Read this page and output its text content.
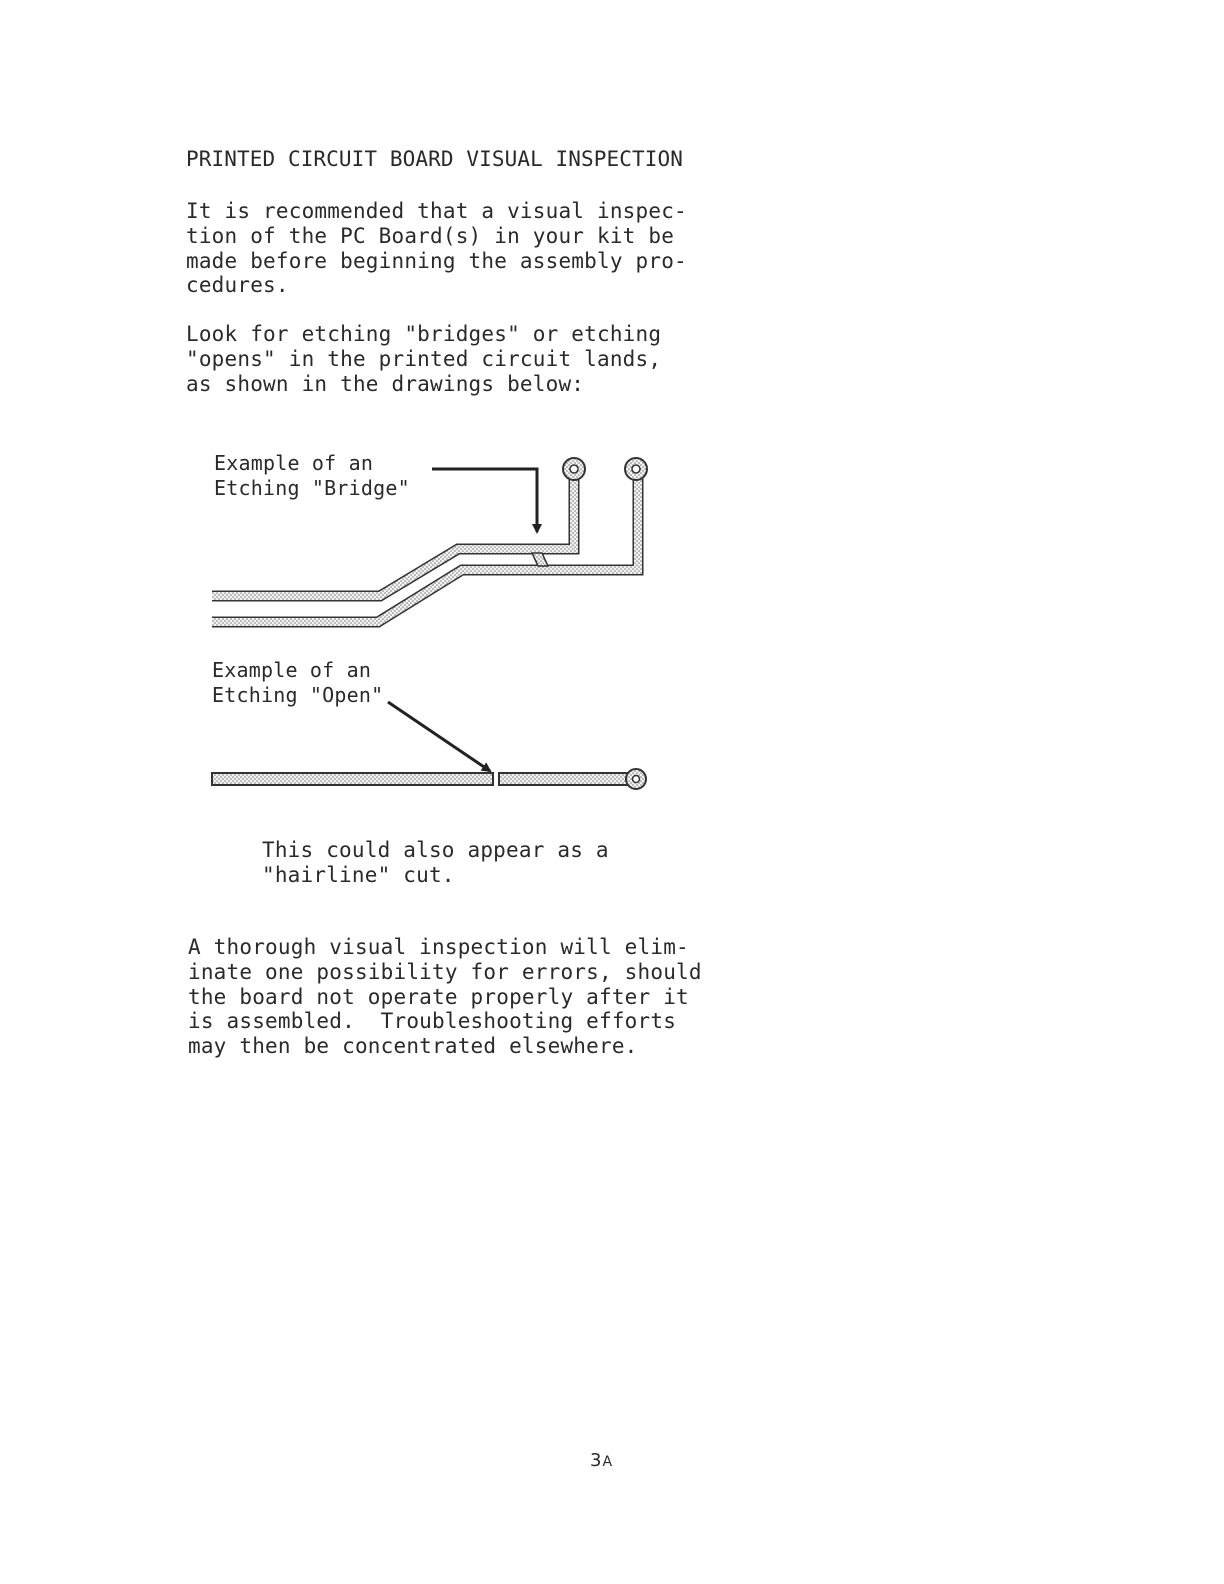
PRINTED CIRCUIT BOARD VISUAL INSPECTION
It is recommended that a visual inspec-
tion of the PC Board(s) in your kit be
made before beginning the assembly pro-
cedures.
Look for etching "bridges" or etching
"opens" in the printed circuit lands,
as shown in the drawings below:
Example of an
Etching "Bridge"
Example of an
Etching "Open"
This could also appear as a
"hairline" cut.
A thorough visual inspection will elim-
inate one possibility for errors, should
the board not operate properly after it
is assembled.  Troubleshooting efforts
may then be concentrated elsewhere.
3A
